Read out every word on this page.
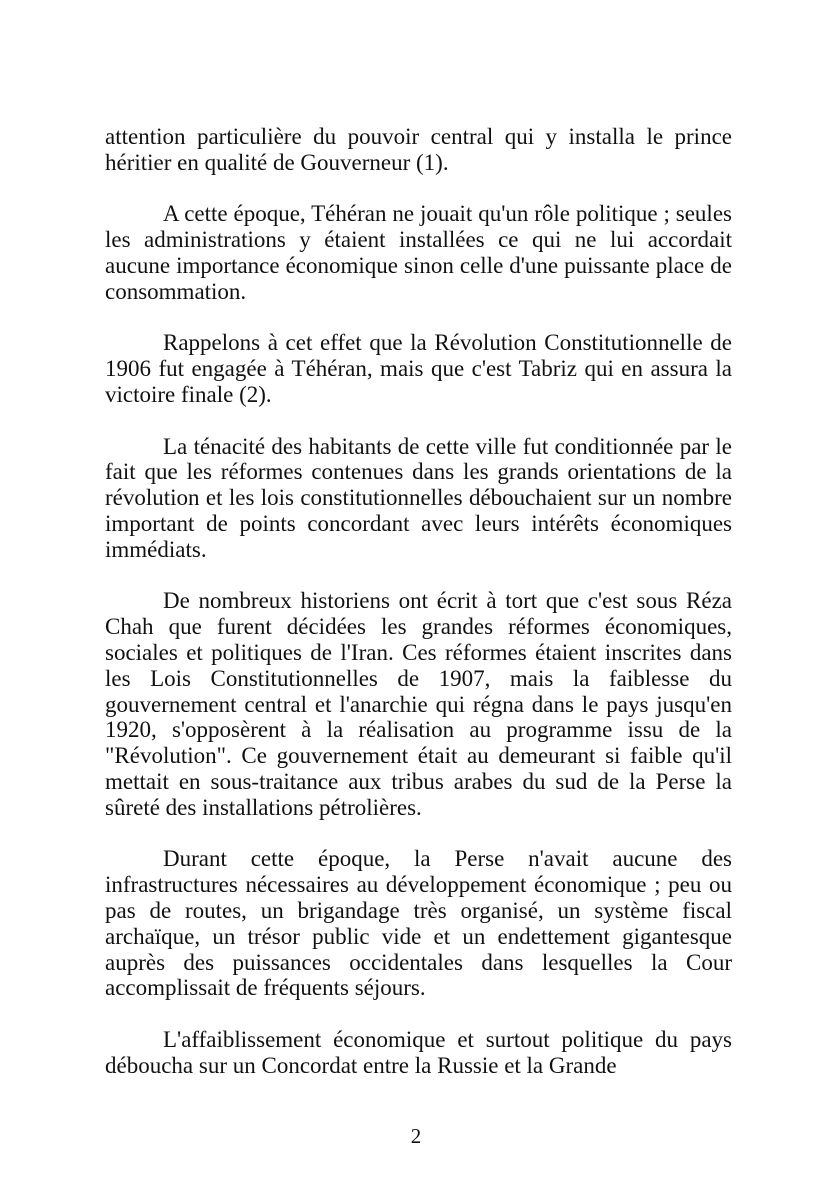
attention particulière du pouvoir central qui y installa le prince héritier en qualité de Gouverneur (1).

A cette époque, Téhéran ne jouait qu'un rôle politique ; seules les administrations y étaient installées ce qui ne lui accordait aucune importance économique sinon celle d'une puissante place de consommation.

Rappelons à cet effet que la Révolution Constitutionnelle de 1906 fut engagée à Téhéran, mais que c'est Tabriz qui en assura la victoire finale (2).

La ténacité des habitants de cette ville fut conditionnée par le fait que les réformes contenues dans les grands orientations de la révolution et les lois constitutionnelles débouchaient sur un nombre important de points concordant avec leurs intérêts économiques immédiats.

De nombreux historiens ont écrit à tort que c'est sous Réza Chah que furent décidées les grandes réformes économiques, sociales et politiques de l'Iran. Ces réformes étaient inscrites dans les Lois Constitutionnelles de 1907, mais la faiblesse du gouvernement central et l'anarchie qui régna dans le pays jusqu'en 1920, s'opposèrent à la réalisation au programme issu de la "Révolution". Ce gouvernement était au demeurant si faible qu'il mettait en sous-traitance aux tribus arabes du sud de la Perse la sûreté des installations pétrolières.

Durant cette époque, la Perse n'avait aucune des infrastructures nécessaires au développement économique ; peu ou pas de routes, un brigandage très organisé, un système fiscal archaïque, un trésor public vide et un endettement gigantesque auprès des puissances occidentales dans lesquelles la Cour accomplissait de fréquents séjours.

L'affaiblissement économique et surtout politique du pays déboucha sur un Concordat entre la Russie et la Grande

2
